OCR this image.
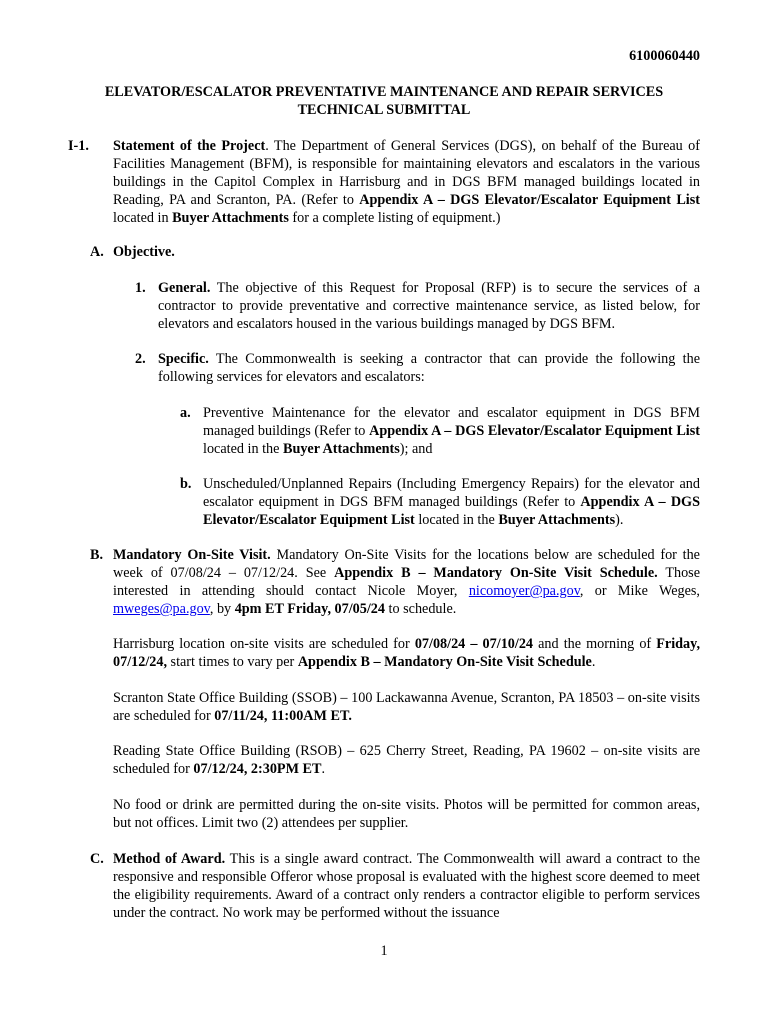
6100060440
ELEVATOR/ESCALATOR PREVENTATIVE MAINTENANCE AND REPAIR SERVICES
TECHNICAL SUBMITTAL
I-1. Statement of the Project. The Department of General Services (DGS), on behalf of the Bureau of Facilities Management (BFM), is responsible for maintaining elevators and escalators in the various buildings in the Capitol Complex in Harrisburg and in DGS BFM managed buildings located in Reading, PA and Scranton, PA. (Refer to Appendix A – DGS Elevator/Escalator Equipment List located in Buyer Attachments for a complete listing of equipment.)
A. Objective.
1. General. The objective of this Request for Proposal (RFP) is to secure the services of a contractor to provide preventative and corrective maintenance service, as listed below, for elevators and escalators housed in the various buildings managed by DGS BFM.
2. Specific. The Commonwealth is seeking a contractor that can provide the following the following services for elevators and escalators:
a. Preventive Maintenance for the elevator and escalator equipment in DGS BFM managed buildings (Refer to Appendix A – DGS Elevator/Escalator Equipment List located in the Buyer Attachments); and
b. Unscheduled/Unplanned Repairs (Including Emergency Repairs) for the elevator and escalator equipment in DGS BFM managed buildings (Refer to Appendix A – DGS Elevator/Escalator Equipment List located in the Buyer Attachments).
B. Mandatory On-Site Visit. Mandatory On-Site Visits for the locations below are scheduled for the week of 07/08/24 – 07/12/24. See Appendix B – Mandatory On-Site Visit Schedule. Those interested in attending should contact Nicole Moyer, nicomoyer@pa.gov, or Mike Weges, mweges@pa.gov, by 4pm ET Friday, 07/05/24 to schedule.
Harrisburg location on-site visits are scheduled for 07/08/24 – 07/10/24 and the morning of Friday, 07/12/24, start times to vary per Appendix B – Mandatory On-Site Visit Schedule.
Scranton State Office Building (SSOB) – 100 Lackawanna Avenue, Scranton, PA 18503 – on-site visits are scheduled for 07/11/24, 11:00AM ET.
Reading State Office Building (RSOB) – 625 Cherry Street, Reading, PA 19602 – on-site visits are scheduled for 07/12/24, 2:30PM ET.
No food or drink are permitted during the on-site visits. Photos will be permitted for common areas, but not offices. Limit two (2) attendees per supplier.
C. Method of Award. This is a single award contract. The Commonwealth will award a contract to the responsive and responsible Offeror whose proposal is evaluated with the highest score deemed to meet the eligibility requirements. Award of a contract only renders a contractor eligible to perform services under the contract. No work may be performed without the issuance
1
